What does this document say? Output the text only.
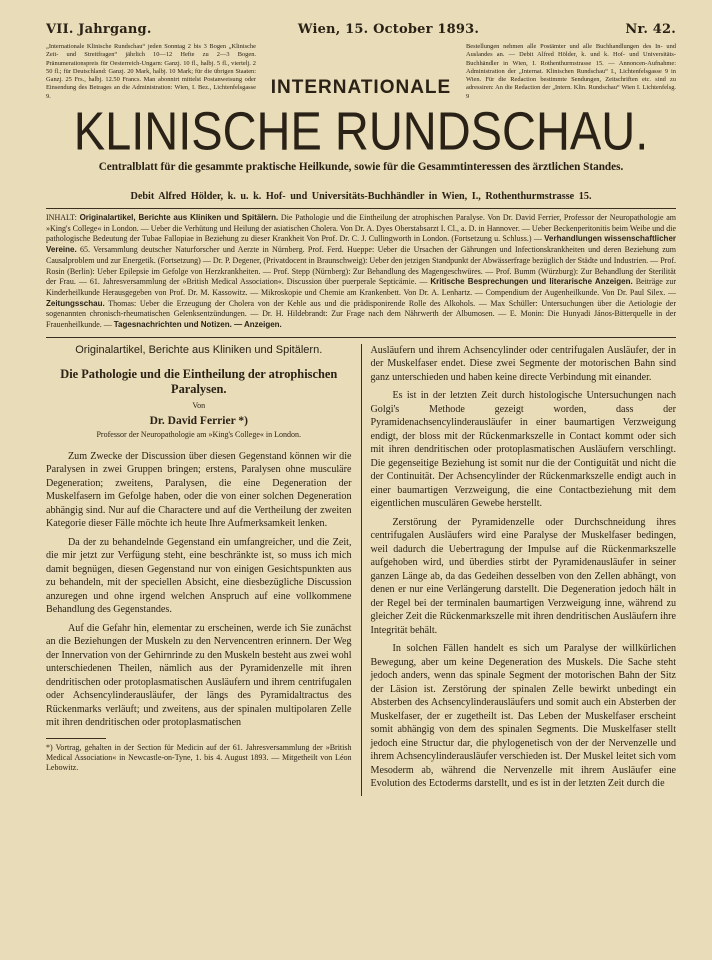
VII. Jahrgang.	Wien, 15. October 1893.	Nr. 42.
„Internationale Klinische Rundschau“ jeden Sonntag 2 bis 3 Bogen „Klinische Zeit- und Streitfragen“ jährlich 10—12 Hefte zu 2—3 Bogen. Pränumerationspreis für Oesterreich-Ungarn: Ganzj. 10 fl., halbj. 5 fl., viertelj. 2 50 fl.; für Deutschland: Ganzj. 20 Mark, halbj. 10 Mark; für die übrigen Staaten: Ganzj. 25 Frs., halbj. 12.50 Francs. Man abonnirt mittelst Postanweisung oder Einsendung des Betrages an die Administration: Wien, I. Bez., Lichtenfelsgasse 9.
Bestellungen nehmen alle Postämter und alle Buchhandlungen des In- und Auslandes an. — Debit Alfred Hölder, k. und k. Hof- und Universitäts-Buchhändler in Wien, I. Rothenthurmstrasse 15. — Annoncen-Aufnahme: Administration der „Internat. Klinischen Rundschau“ I., Lichtenfelsgasse 9 in Wien. Für die Redaction bestimmte Sendungen, Zeitschriften etc. sind zu adressiren: An die Redaction der „Intern. Klin. Rundschau“ Wien I. Lichtenfelsg. 9
INTERNATIONALE
KLINISCHE RUNDSCHAU.
Centralblatt für die gesammte praktische Heilkunde, sowie für die Gesammtinteressen des ärztlichen Standes.
Debit Alfred Hölder, k. u. k. Hof- und Universitäts-Buchhändler in Wien, I., Rothenthurmstrasse 15.
INHALT: Originalartikel, Berichte aus Kliniken und Spitälern. Die Pathologie und die Eintheilung der atrophischen Paralyse. Von Dr. David Ferrier, Professor der Neuropathologie am »King's College« in London. — Ueber die Verhütung und Heilung der asiatischen Cholera. Von Dr. A. Dyes Oberstabsarzt I. Cl., a. D. in Hannover. — Ueber Beckenperitonitis beim Weibe und die pathologische Bedeutung der Tubae Fallopiae in Beziehung zu dieser Krankheit Von Prof. Dr. C. J. Cullingworth in London. (Fortsetzung u. Schluss.) — Verhandlungen wissenschaftlicher Vereine. 65. Versammlung deutscher Naturforscher und Aerzte in Nürnberg. Prof. Ferd. Hueppe: Ueber die Ursachen der Gährungen und Infectionskrankheiten und deren Beziehung zum Causalproblem und zur Energetik. (Fortsetzung) — Dr. P. Degener, (Privatdocent in Braunschweig): Ueber den jetzigen Standpunkt der Abwässerfrage bezüglich der Städte und Industrien. — Prof. Rosin (Berlin): Ueber Epilepsie im Gefolge von Herzkrankheiten. — Prof. Stepp (Nürnberg): Zur Behandlung des Magengeschwüres. — Prof. Bumm (Würzburg): Zur Behandlung der Sterilität der Frau. — 61. Jahresversammlung der »British Medical Association«. Discussion über puerperale Septicämie. — Kritische Besprechungen und literarische Anzeigen. Beiträge zur Kinderheilkunde Herausgegeben von Prof. Dr. M. Kassowitz. — Mikroskopie und Chemie am Krankenbett. Von Dr. A. Lenhartz. — Compendium der Augenheilkunde. Von Dr. Paul Silex. — Zeitungsschau. Thomas: Ueber die Erzeugung der Cholera von der Kehle aus und die prädisponirende Rolle des Alkohols. — Max Schüller: Untersuchungen über die Aetiologie der sogenannten chronisch-rheumatischen Gelenksentzündungen. — Dr. H. Hildebrandt: Zur Frage nach dem Nährwerth der Albumosen. — E. Monin: Die Hunyadi János-Bitterquelle in der Frauenheilkunde. — Tagesnachrichten und Notizen. — Anzeigen.
Originalartikel, Berichte aus Kliniken und Spitälern.
Die Pathologie und die Eintheilung der atrophischen Paralysen.
Von
Dr. David Ferrier *)
Professor der Neuropathologie am »King's College« in London.

Zum Zwecke der Discussion über diesen Gegenstand können wir die Paralysen in zwei Gruppen bringen; erstens, Paralysen ohne musculäre Degeneration; zweitens, Paralysen, die eine Degeneration der Muskelfasern im Gefolge haben, oder die von einer solchen Degeneration abhängig sind. Nur auf die Charactere und auf die Vertheilung der zweiten Kategorie dieser Fälle möchte ich heute Ihre Aufmerksamkeit lenken.

Da der zu behandelnde Gegenstand ein umfangreicher, und die Zeit, die mir jetzt zur Verfügung steht, eine beschränkte ist, so muss ich mich damit begnügen, diesen Gegenstand nur von einigen Gesichtspunkten aus zu behandeln, mit der speciellen Absicht, eine diesbezügliche Discussion anzuregen und ohne irgend welchen Anspruch auf eine vollkommene Behandlung des Gegenstandes.

Auf die Gefahr hin, elementar zu erscheinen, werde ich Sie zunächst an die Beziehungen der Muskeln zu den Nervencentren erinnern. Der Weg der Innervation von der Gehirnrinde zu den Muskeln besteht aus zwei wohl unterschiedenen Theilen, nämlich aus der Pyramidenzelle mit ihren dendritischen oder protoplasmatischen Ausläufern und ihrem centrifugalen oder Achsencylinderausläufer, der längs des Pyramidaltractus des Rückenmarks verläuft; und zweitens, aus der spinalen multipolaren Zelle mit ihren dendritischen oder protoplasmatischen

*) Vortrag, gehalten in der Section für Medicin auf der 61. Jahresversammlung der »British Medical Association« in Newcastle-on-Tyne, 1. bis 4. August 1893. — Mitgetheilt von Léon Lebowitz.

Ausläufern und ihrem Achsencylinder oder centrifugalen Ausläufer, der in der Muskelfaser endet. Diese zwei Segmente der motorischen Bahn sind ganz unterschieden und haben keine directe Verbindung mit einander.

Es ist in der letzten Zeit durch histologische Untersuchungen nach Golgi's Methode gezeigt worden, dass der Pyramidenachsencylinderausläufer in einer baumartigen Verzweigung endigt, der bloss mit der Rückenmarkszelle in Contact kommt oder sich mit ihren dendritischen oder protoplasmatischen Ausläufern verschlingt. Die gegenseitige Beziehung ist somit nur die der Contiguität und nicht die der Continuität. Der Achsencylinder der Rückenmarkszelle endigt auch in einer baumartigen Verzweigung, die eine Contactbeziehung mit dem eigentlichen musculären Gewebe herstellt.

Zerstörung der Pyramidenzelle oder Durchschneidung ihres centrifugalen Ausläufers wird eine Paralyse der Muskelfaser bedingen, weil dadurch die Uebertragung der Impulse auf die Rückenmarkszelle aufgehoben wird, und überdies stirbt der Pyramidenausläufer in seiner ganzen Länge ab, da das Gedeihen desselben von den Zellen abhängt, von denen er nur eine Verlängerung darstellt. Die Degeneration jedoch hält in der Regel bei der terminalen baumartigen Verzweigung inne, während zu gleicher Zeit die Rückenmarkszelle mit ihren dendritischen Ausläufern ihre Integrität behält.

In solchen Fällen handelt es sich um Paralyse der willkürlichen Bewegung, aber um keine Degeneration des Muskels. Die Sache steht jedoch anders, wenn das spinale Segment der motorischen Bahn der Sitz der Läsion ist. Zerstörung der spinalen Zelle bewirkt unbedingt ein Absterben des Achsencylinderausläufers und somit auch ein Absterben der Muskelfaser, der er zugetheilt ist. Das Leben der Muskelfaser erscheint somit abhängig von dem des spinalen Segments. Die Muskelfaser stellt jedoch eine Structur dar, die phylogenetisch von der der Nervenzelle und ihrem Achsencylinderausläufer verschieden ist. Der Muskel leitet sich vom Mesoderm ab, während die Nervenzelle mit ihrem Ausläufer eine Evolution des Ectoderms darstellt, und es ist in der letzten Zeit durch die
